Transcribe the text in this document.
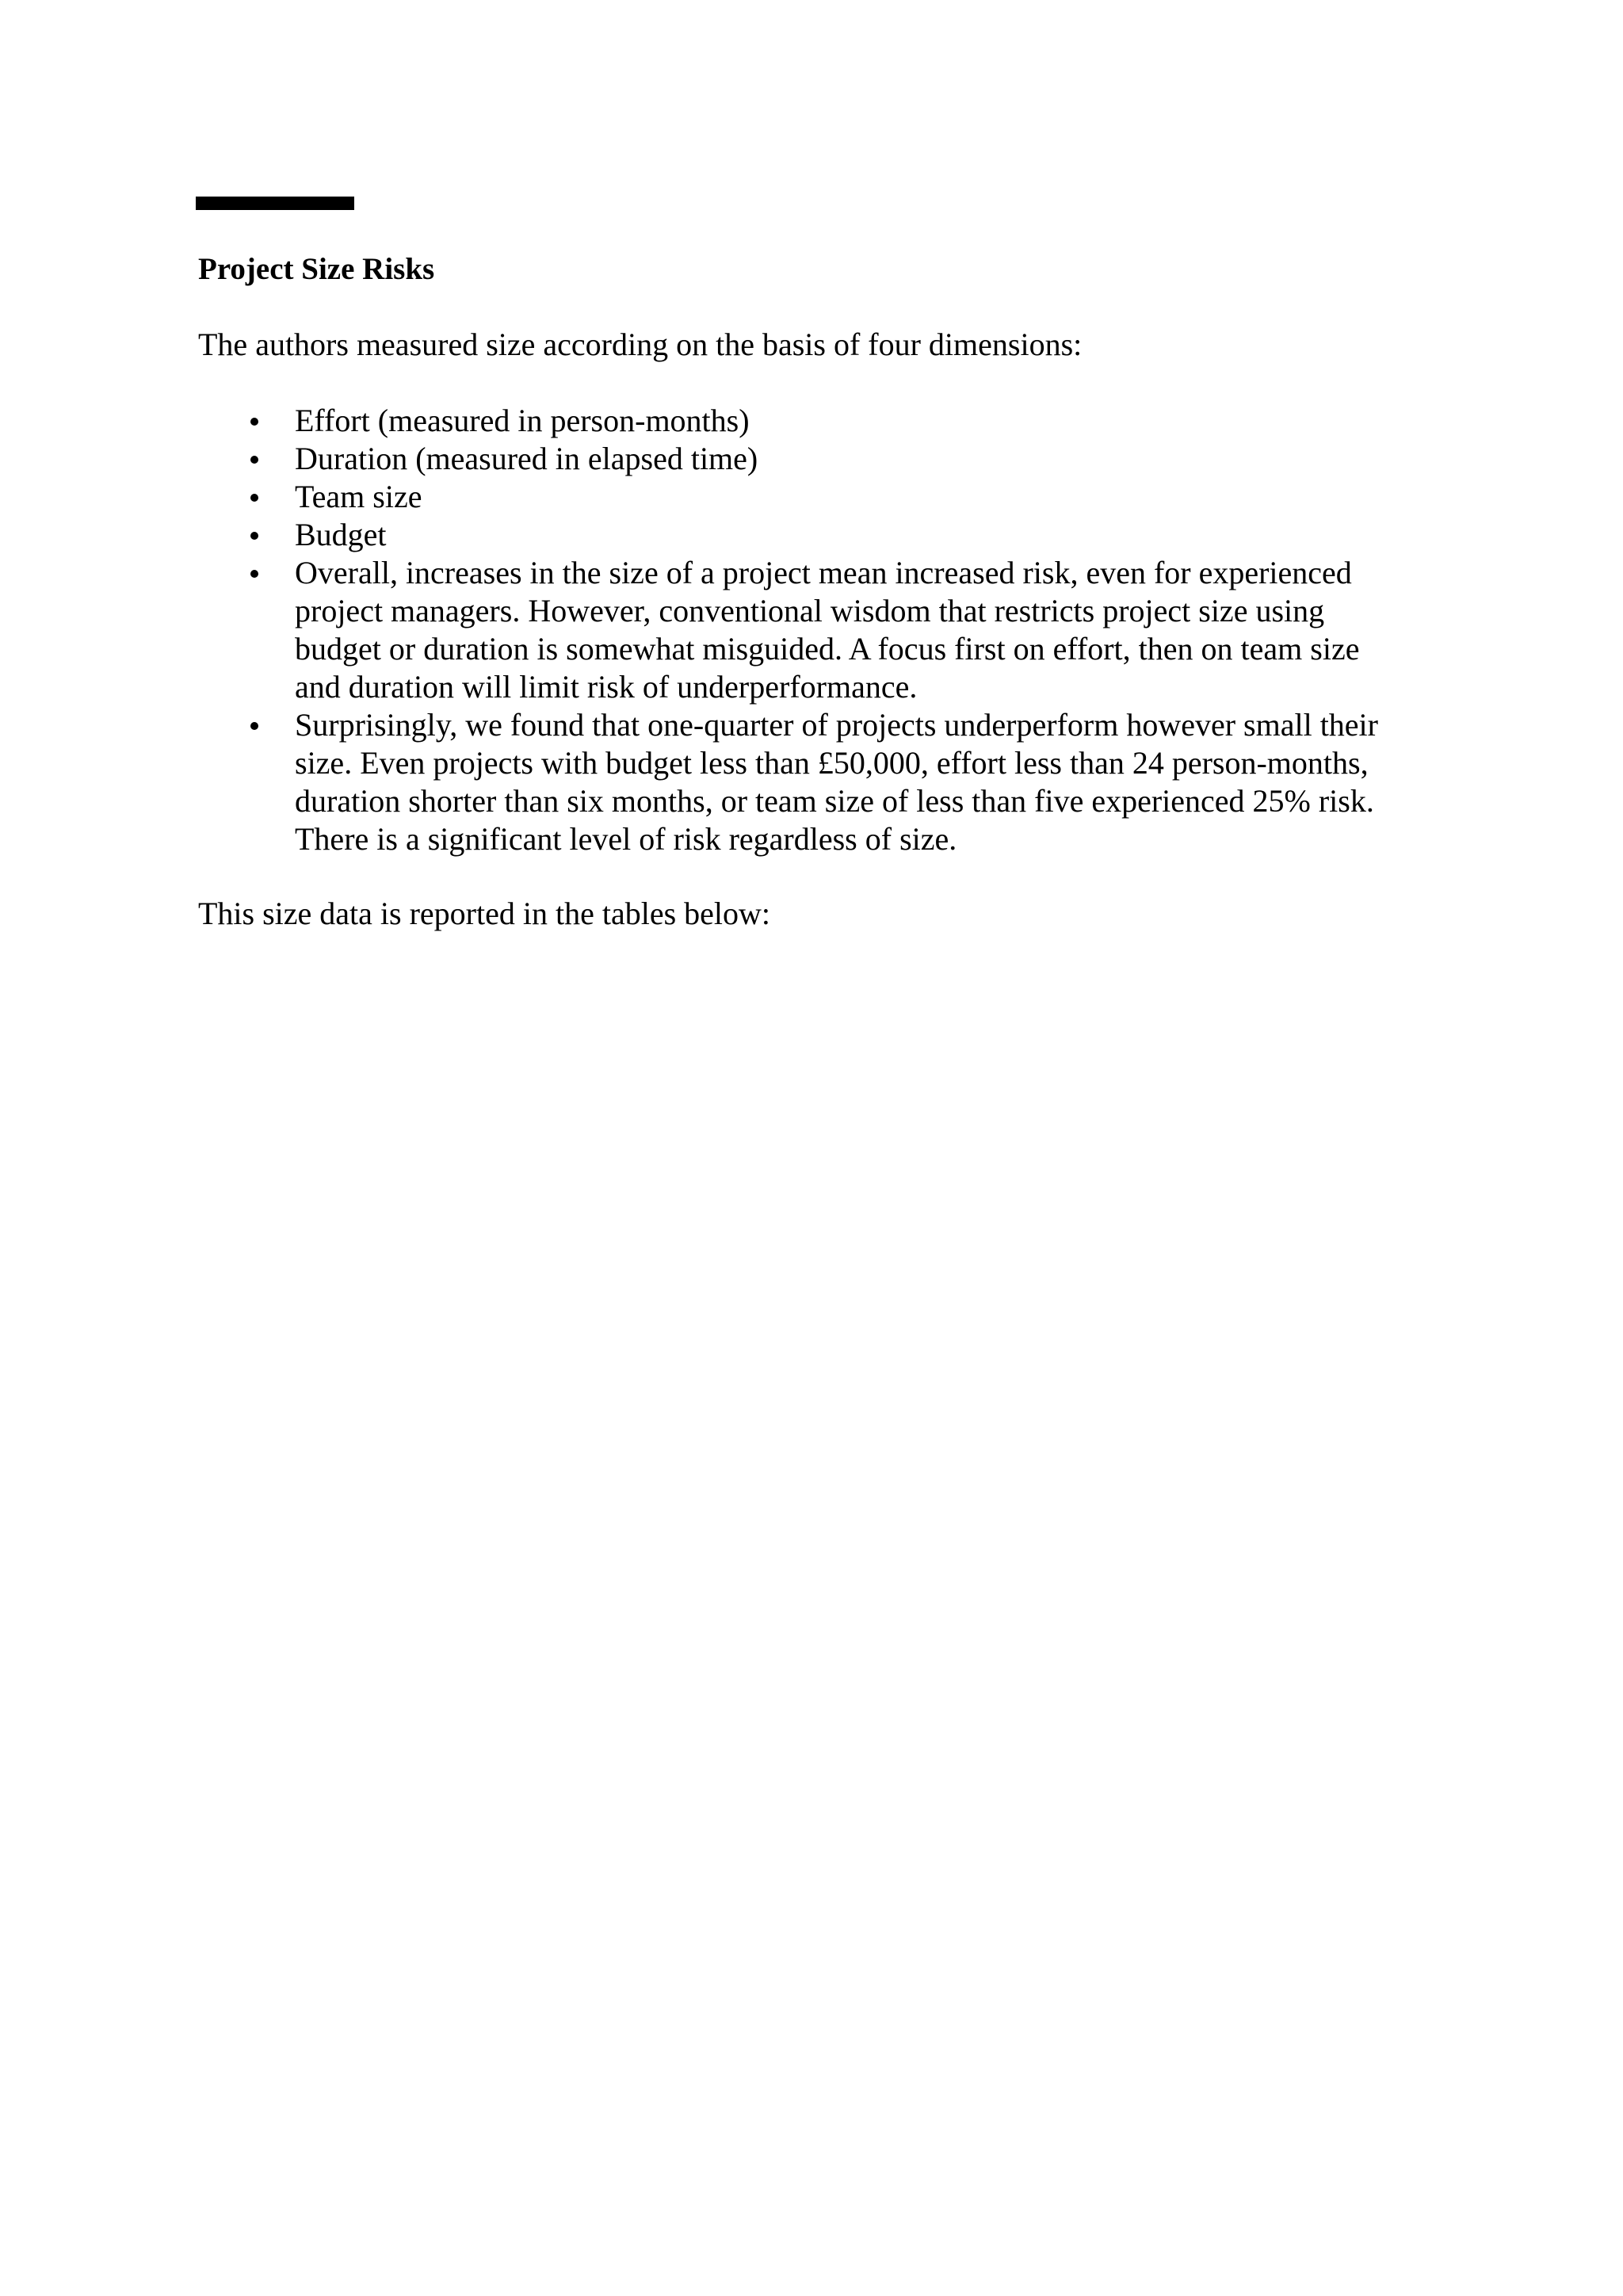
Project Size Risks

The authors measured size according on the basis of four dimensions:

Effort (measured in person-months)
Duration (measured in elapsed time)
Team size
Budget
Overall, increases in the size of a project mean increased risk, even for experienced
project managers. However, conventional wisdom that restricts project size using
budget or duration is somewhat misguided. A focus first on effort, then on team size
and duration will limit risk of underperformance.
Surprisingly, we found that one-quarter of projects underperform however small their
size. Even projects with budget less than £50,000, effort less than 24 person-months,
duration shorter than six months, or team size of less than five experienced 25% risk.
There is a significant level of risk regardless of size.

This size data is reported in the tables below:
